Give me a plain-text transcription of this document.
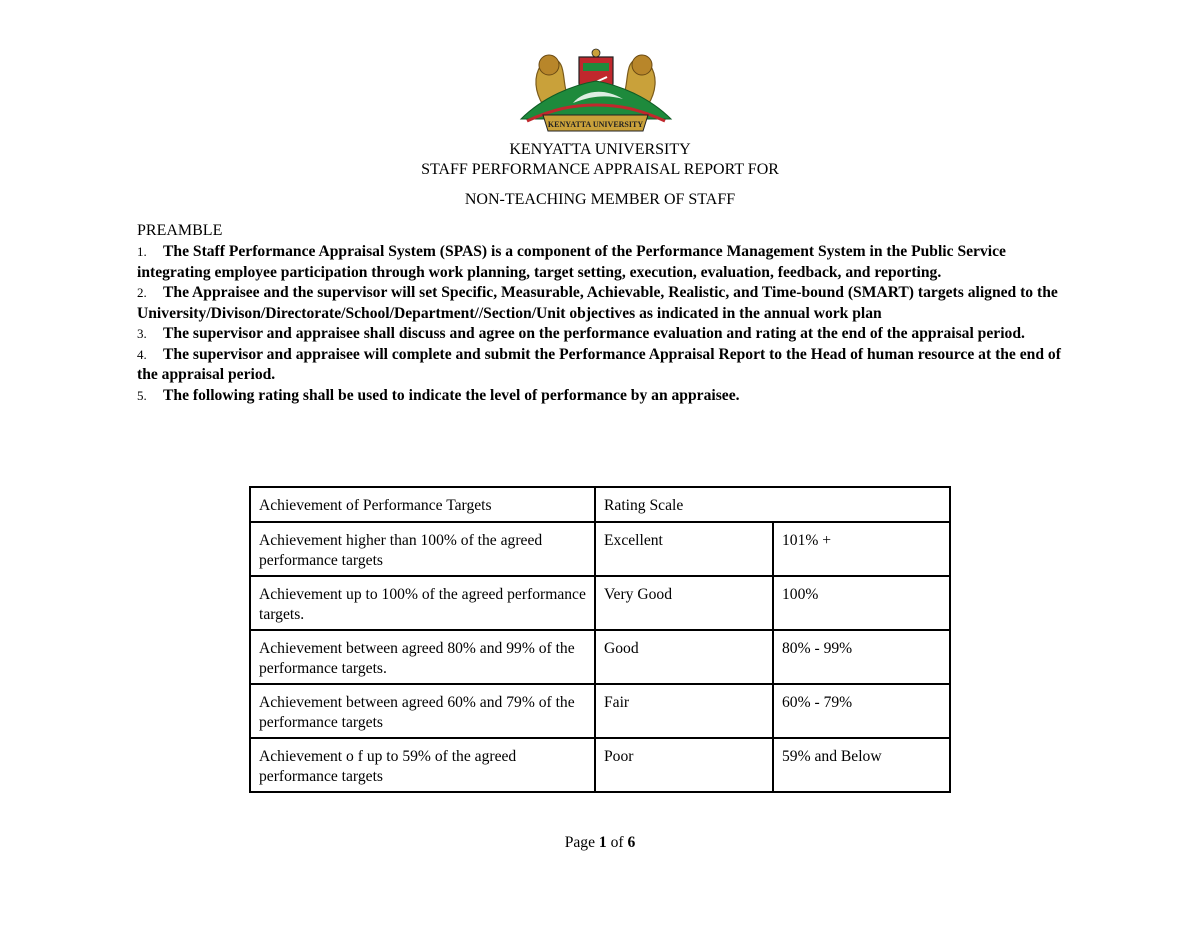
KENYATTA UNIVERSITY
KENYATTA UNIVERSITY
STAFF PERFORMANCE APPRAISAL REPORT FOR
NON-TEACHING MEMBER OF STAFF
PREAMBLE

1. The Staff Performance Appraisal System (SPAS) is a component of the Performance Management System in the Public Service integrating employee participation through work planning, target setting, execution, evaluation, feedback, and reporting.

2. The Appraisee and the supervisor will set Specific, Measurable, Achievable, Realistic, and Time-bound (SMART) targets aligned to the University/Divison/Directorate/School/Department//Section/Unit objectives as indicated in the annual work plan

3. The supervisor and appraisee shall discuss and agree on the performance evaluation and rating at the end of the appraisal period.

4. The supervisor and appraisee will complete and submit the Performance Appraisal Report to the Head of human resource at the end of the appraisal period.

5. The following rating shall be used to indicate the level of performance by an appraisee.

Achievement of Performance Targets	Rating Scale	
Achievement higher than 100% of the agreed performance targets	Excellent	101% +
Achievement up to 100% of the agreed performance targets.	Very Good	100%
Achievement between agreed 80% and 99% of the performance targets.	Good	80% - 99%
Achievement between agreed 60% and 79% of the performance targets	Fair	60% - 79%
Achievement o f up to 59% of the agreed performance targets	Poor	59% and Below
Page 1 of 6
